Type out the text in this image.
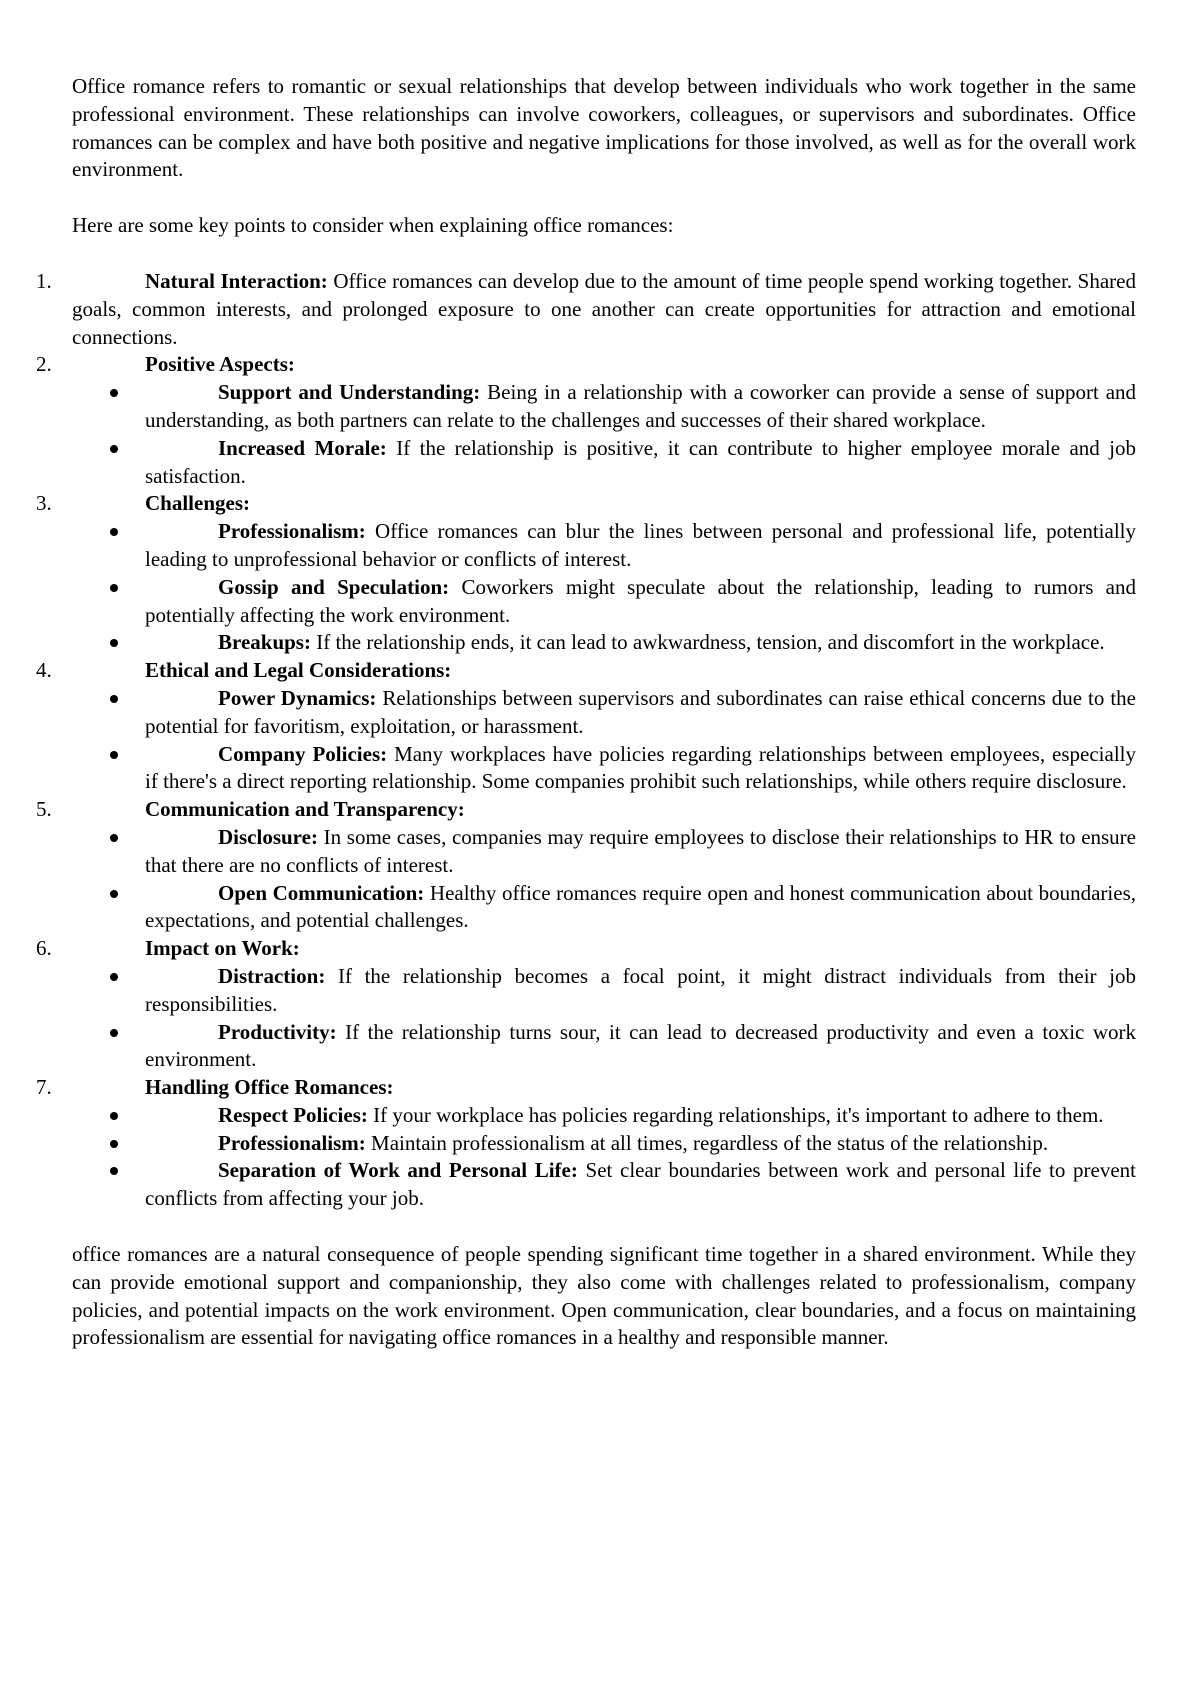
Office romance refers to romantic or sexual relationships that develop between individuals who work together in the same professional environment. These relationships can involve coworkers, colleagues, or supervisors and subordinates. Office romances can be complex and have both positive and negative implications for those involved, as well as for the overall work environment.

Here are some key points to consider when explaining office romances:

1.	Natural Interaction: Office romances can develop due to the amount of time people spend working together. Shared goals, common interests, and prolonged exposure to one another can create opportunities for attraction and emotional connections.

2.	Positive Aspects:
Support and Understanding: Being in a relationship with a coworker can provide a sense of support and understanding, as both partners can relate to the challenges and successes of their shared workplace.
Increased Morale: If the relationship is positive, it can contribute to higher employee morale and job satisfaction.
3.	Challenges:
Professionalism: Office romances can blur the lines between personal and professional life, potentially leading to unprofessional behavior or conflicts of interest.
Gossip and Speculation: Coworkers might speculate about the relationship, leading to rumors and potentially affecting the work environment.
Breakups: If the relationship ends, it can lead to awkwardness, tension, and discomfort in the workplace.
4.	Ethical and Legal Considerations:
Power Dynamics: Relationships between supervisors and subordinates can raise ethical concerns due to the potential for favoritism, exploitation, or harassment.
Company Policies: Many workplaces have policies regarding relationships between employees, especially if there's a direct reporting relationship. Some companies prohibit such relationships, while others require disclosure.
5.	Communication and Transparency:
Disclosure: In some cases, companies may require employees to disclose their relationships to HR to ensure that there are no conflicts of interest.
Open Communication: Healthy office romances require open and honest communication about boundaries, expectations, and potential challenges.
6.	Impact on Work:
Distraction: If the relationship becomes a focal point, it might distract individuals from their job responsibilities.
Productivity: If the relationship turns sour, it can lead to decreased productivity and even a toxic work environment.
7.	Handling Office Romances:
Respect Policies: If your workplace has policies regarding relationships, it's important to adhere to them.
Professionalism: Maintain professionalism at all times, regardless of the status of the relationship.
Separation of Work and Personal Life: Set clear boundaries between work and personal life to prevent conflicts from affecting your job.

office romances are a natural consequence of people spending significant time together in a shared environment. While they can provide emotional support and companionship, they also come with challenges related to professionalism, company policies, and potential impacts on the work environment. Open communication, clear boundaries, and a focus on maintaining professionalism are essential for navigating office romances in a healthy and responsible manner.
